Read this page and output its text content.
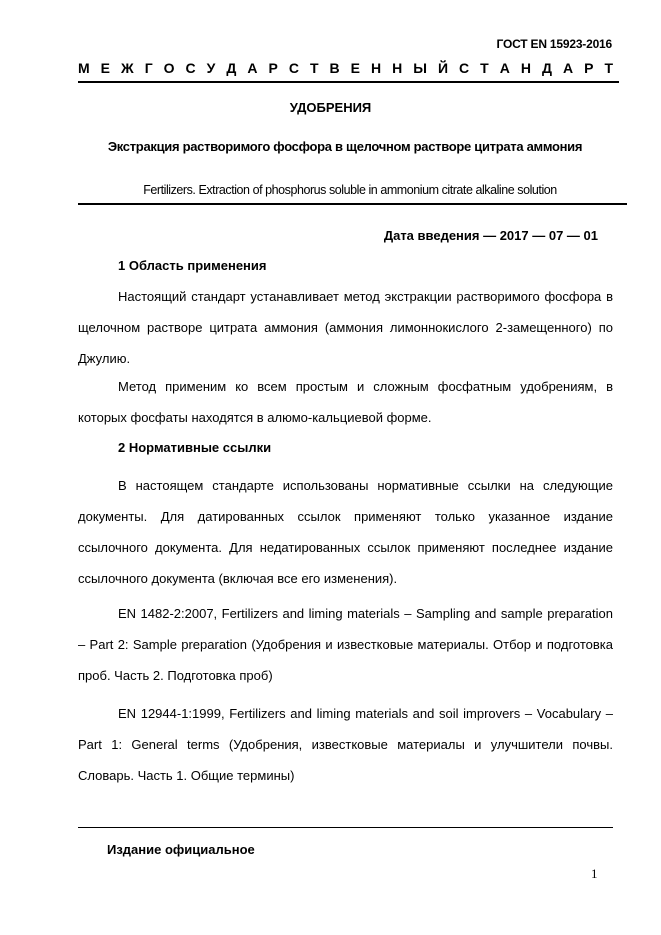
ГОСТ EN 15923-2016
М Е Ж Г О С У Д А Р С Т В Е Н Н Ы Й С Т А Н Д А Р Т
УДОБРЕНИЯ
Экстракция растворимого фосфора в щелочном растворе цитрата аммония
Fertilizers. Extraction of phosphorus soluble in ammonium citrate alkaline solution
Дата введения — 2017 — 07 — 01
1 Область применения

Настоящий стандарт устанавливает метод экстракции растворимого фосфора в щелочном растворе цитрата аммония (аммония лимоннокислого 2-замещенного) по Джулию.

Метод применим ко всем простым и сложным фосфатным удобрениям, в которых фосфаты находятся в алюмо-кальциевой форме.

2 Нормативные ссылки

В настоящем стандарте использованы нормативные ссылки на следующие документы. Для датированных ссылок применяют только указанное издание ссылочного документа. Для недатированных ссылок применяют последнее издание ссылочного документа (включая все его изменения).

EN 1482-2:2007, Fertilizers and liming materials – Sampling and sample preparation – Part 2: Sample preparation (Удобрения и известковые материалы. Отбор и подготовка проб. Часть 2. Подготовка проб)

EN 12944-1:1999, Fertilizers and liming materials and soil improvers – Vocabulary – Part 1: General terms (Удобрения, известковые материалы и улучшители почвы. Словарь. Часть 1. Общие термины)

Издание официальное
1
